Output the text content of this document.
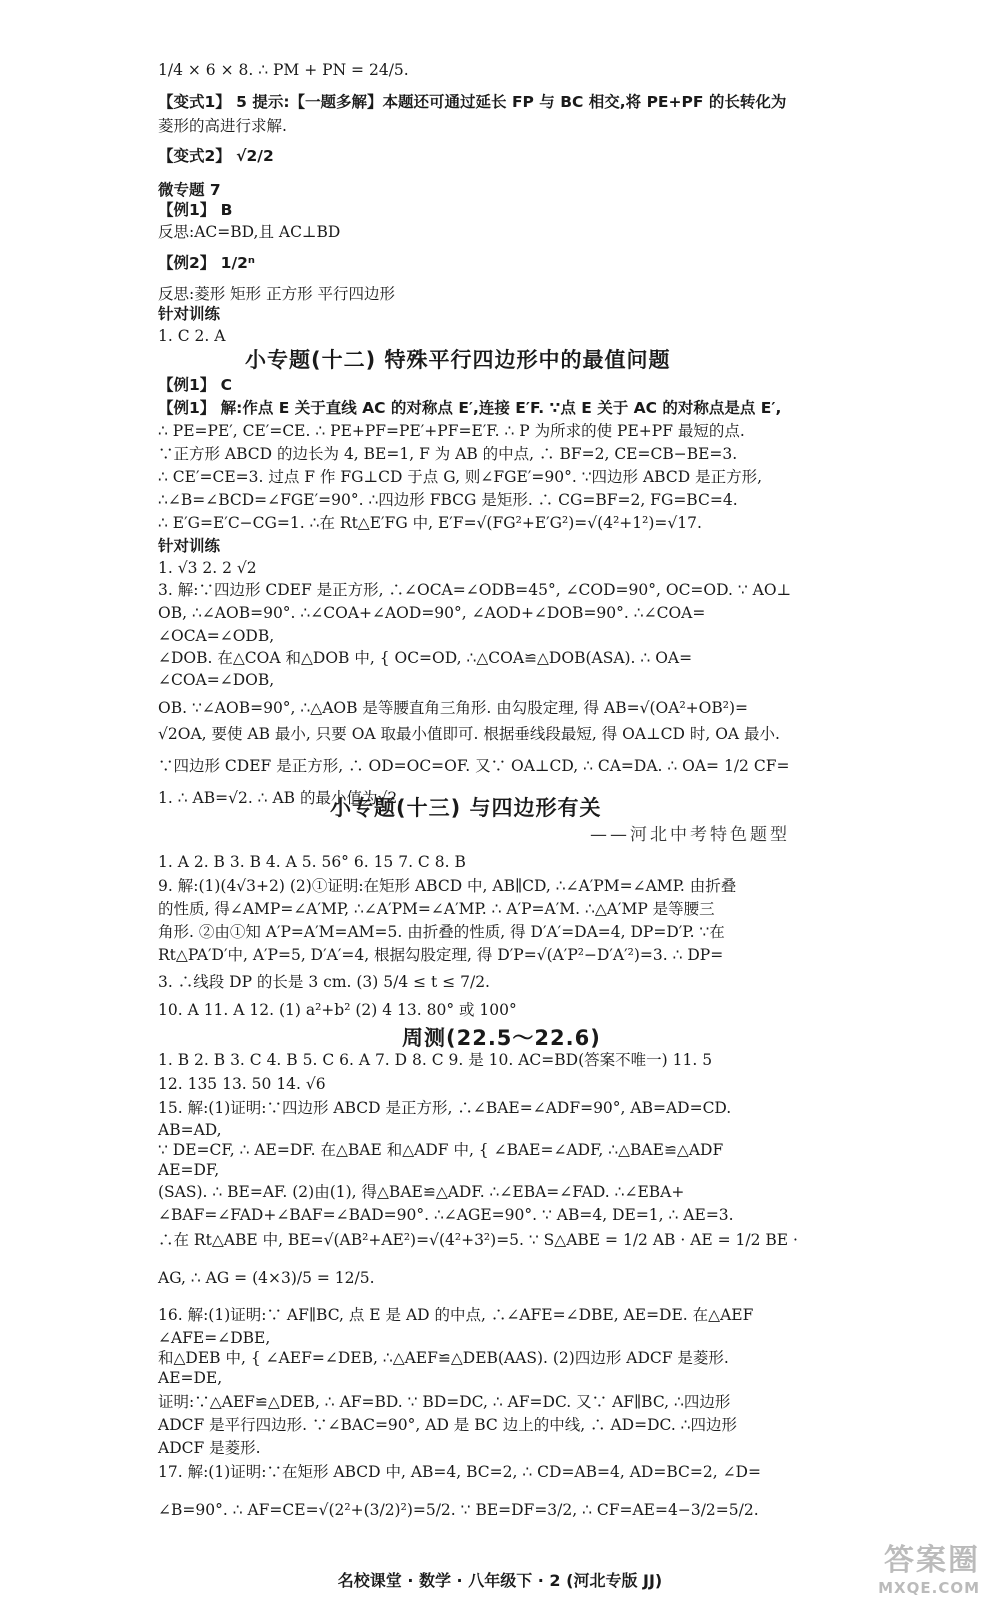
1/4 × 6 × 8. ∴ PM + PN = 24/5.
【变式1】 5 提示:【一题多解】本题还可通过延长 FP 与 BC 相交,将 PE+PF 的长转化为
菱形的高进行求解.
【变式2】 √2/2
微专题 7
【例1】 B
反思:AC=BD,且 AC⊥BD
【例2】 1/2ⁿ
反思:菱形 矩形 正方形 平行四边形
针对训练
1. C 2. A
【例1】 C
【例1】 解:作点 E 关于直线 AC 的对称点 E′,连接 E′F. ∵点 E 关于 AC 的对称点是点 E′,
∴ PE=PE′, CE′=CE. ∴ PE+PF=PE′+PF=E′F. ∴ P 为所求的使 PE+PF 最短的点.
∵正方形 ABCD 的边长为 4, BE=1, F 为 AB 的中点, ∴ BF=2, CE=CB−BE=3.
∴ CE′=CE=3. 过点 F 作 FG⊥CD 于点 G, 则∠FGE′=90°. ∵四边形 ABCD 是正方形,
∴∠B=∠BCD=∠FGE′=90°. ∴四边形 FBCG 是矩形. ∴ CG=BF=2, FG=BC=4.
∴ E′G=E′C−CG=1. ∴在 Rt△E′FG 中, E′F=√(FG²+E′G²)=√(4²+1²)=√17.
针对训练
1. √3 2. 2 √2
3. 解:∵四边形 CDEF 是正方形, ∴∠OCA=∠ODB=45°, ∠COD=90°, OC=OD. ∵ AO⊥
OB, ∴∠AOB=90°. ∴∠COA+∠AOD=90°, ∠AOD+∠DOB=90°. ∴∠COA=
∠OCA=∠ODB,
∠DOB. 在△COA 和△DOB 中, { OC=OD, ∴△COA≌△DOB(ASA). ∴ OA=
∠COA=∠DOB,
OB. ∵∠AOB=90°, ∴△AOB 是等腰直角三角形. 由勾股定理, 得 AB=√(OA²+OB²)=
√2OA, 要使 AB 最小, 只要 OA 取最小值即可. 根据垂线段最短, 得 OA⊥CD 时, OA 最小.
∵四边形 CDEF 是正方形, ∴ OD=OC=OF. 又∵ OA⊥CD, ∴ CA=DA. ∴ OA= 1/2 CF=
1. ∴ AB=√2. ∴ AB 的最小值为√2.
1. A 2. B 3. B 4. A 5. 56° 6. 15 7. C 8. B
9. 解:(1)(4√3+2) (2)①证明:在矩形 ABCD 中, AB∥CD, ∴∠A′PM=∠AMP. 由折叠
的性质, 得∠AMP=∠A′MP, ∴∠A′PM=∠A′MP. ∴ A′P=A′M. ∴△A′MP 是等腰三
角形. ②由①知 A′P=A′M=AM=5. 由折叠的性质, 得 D′A′=DA=4, DP=D′P. ∵在
Rt△PA′D′中, A′P=5, D′A′=4, 根据勾股定理, 得 D′P=√(A′P²−D′A′²)=3. ∴ DP=
3. ∴线段 DP 的长是 3 cm. (3) 5/4 ≤ t ≤ 7/2.
10. A 11. A 12. (1) a²+b² (2) 4 13. 80° 或 100°
1. B 2. B 3. C 4. B 5. C 6. A 7. D 8. C 9. 是 10. AC=BD(答案不唯一) 11. 5
12. 135 13. 50 14. √6
15. 解:(1)证明:∵四边形 ABCD 是正方形, ∴∠BAE=∠ADF=90°, AB=AD=CD.
AB=AD,
∵ DE=CF, ∴ AE=DF. 在△BAE 和△ADF 中, { ∠BAE=∠ADF, ∴△BAE≌△ADF
AE=DF,
(SAS). ∴ BE=AF. (2)由(1), 得△BAE≌△ADF. ∴∠EBA=∠FAD. ∴∠EBA+
∠BAF=∠FAD+∠BAF=∠BAD=90°. ∴∠AGE=90°. ∵ AB=4, DE=1, ∴ AE=3.
∴在 Rt△ABE 中, BE=√(AB²+AE²)=√(4²+3²)=5. ∵ S△ABE = 1/2 AB · AE = 1/2 BE ·
AG, ∴ AG = (4×3)/5 = 12/5.
16. 解:(1)证明:∵ AF∥BC, 点 E 是 AD 的中点, ∴∠AFE=∠DBE, AE=DE. 在△AEF
∠AFE=∠DBE,
和△DEB 中, { ∠AEF=∠DEB, ∴△AEF≌△DEB(AAS). (2)四边形 ADCF 是菱形.
AE=DE,
证明:∵△AEF≌△DEB, ∴ AF=BD. ∵ BD=DC, ∴ AF=DC. 又∵ AF∥BC, ∴四边形
ADCF 是平行四边形. ∵∠BAC=90°, AD 是 BC 边上的中线, ∴ AD=DC. ∴四边形
ADCF 是菱形.
17. 解:(1)证明:∵在矩形 ABCD 中, AB=4, BC=2, ∴ CD=AB=4, AD=BC=2, ∠D=
∠B=90°. ∴ AF=CE=√(2²+(3/2)²)=5/2. ∵ BE=DF=3/2, ∴ CF=AE=4−3/2=5/2.
小专题(十二) 特殊平行四边形中的最值问题
小专题(十三) 与四边形有关
周测(22.5～22.6)
——河北中考特色题型
名校课堂 · 数学 · 八年级下 · 2 (河北专版 JJ)
答案圈
MXQE.COM
